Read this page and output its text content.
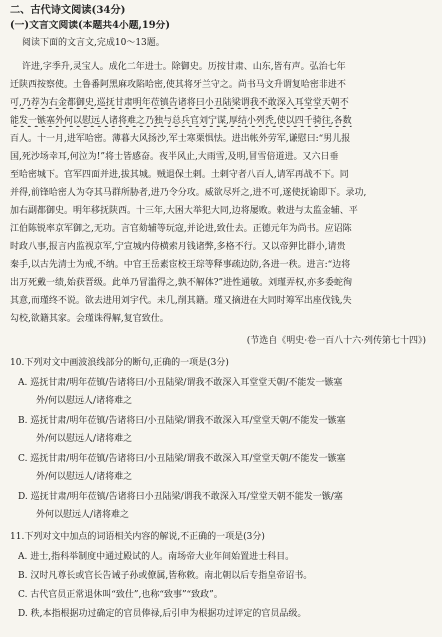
二、古代诗文阅读(34分)
(一)文言文阅读(本题共4小题,19分)
阅读下面的文言文,完成10～13题。
许进,字季升,灵宝人。成化二年进士。除御史。历按甘肃、山东,皆有声。弘治七年
迁陕西按察使。土鲁番阿黑麻攻陷哈密,使其将牙兰守之。尚书马文升谓复哈密非进不
可,乃荐为右金都御史,巡抚甘肃明年莅镇告诸将曰小丑陆梁谓我不敢深入耳堂堂天朝不
能发一镞塞外何以慰远人诸将难之乃独与总兵官刘宁谋,厚结小列秃,使以四千骑往,各数
百人。十一月,进军哈密。薄暮大风扬沙,军士寒栗惧怯。进出帐外劳军,谦慰曰:“男儿报
国,死沙场幸耳,何泣为!”将士皆感奋。夜半风止,大雨雪,及明,冒雪倍道进。又六日垂
至哈密城下。官军四面并进,拔其城。贼退保土剌。土剌守者八百人,请军再战不下。同
并得,前锋哈密人为夺其马群所胁者,进乃令分攻。威欲尽歼之,进不可,遂使抚谕即下。录功,
加右副都御史。明年移抚陕西。十三年,大困大举犯大同,边将屡败。敕进与太监金辅、平
江伯陈锐率京军御之,无功。言官劾辅等玩寇,并论进,致仕去。正德元年为尚书。应诏陈
时政八事,报言内监视京军,宁宣城内侍横索月钱诸弊,多格不行。又以帝狎比群小,请贵
秦手,以古先清士为戒,不纳。中官王岳素宦校王琮等释事疏边防,各进一秩。进言:“边将
出万死戴一绩,始获晋级。此单乃冒滥得之,孰不解体?”进性通敏。刘瑾弄权,亦多委蛇徇
其意,而瑾终不说。欲去进用刘宇代。未几,削其籍。瑾又摘进在大同时筹军出座伐钱,失
勾校,欲籍其家。会瑾诛得解,复官致仕。
(节选自《明史·卷一百八十六·列传第七十四》)
10.下列对文中画波浪线部分的断句,正确的一项是(3分)
A. 巡抚甘肃/明年莅镇/告诸将曰/小丑陆梁/谓我不敢深入耳堂堂天朝/不能发一镞塞
外/何以慰远人/诸将难之
B. 巡抚甘肃/明年莅镇/告诸将曰/小丑陆梁/谓我不敢深入耳/堂堂天朝/不能发一镞塞
外/何以慰远人/诸将难之
C. 巡抚甘肃/明年莅镇/告诸将曰/小丑陆梁/谓我不敢深入耳/堂堂天朝/不能发一镞塞
外/何以慰远人/诸将难之
D. 巡抚甘肃/明年莅镇/告诸将曰小丑陆梁/谓我不敢深入耳/堂堂天朝不能发一镞/塞
外何以慰远人/诸将难之
11.下列对文中加点的词语相关内容的解说,不正确的一项是(3分)
A. 进士,指科举制度中通过殿试的人。南场帝大业年间始置进士科目。
B. 汉时凡尊长或官长告诫子孙或僚属,皆称敕。南北朝以后专指皇帝诏书。
C. 古代官员正常退休叫“致仕”,也称“致事”“致政”。
D. 秩,本指根据功过确定的官员俸禄,后引申为根据功过评定的官员品级。
